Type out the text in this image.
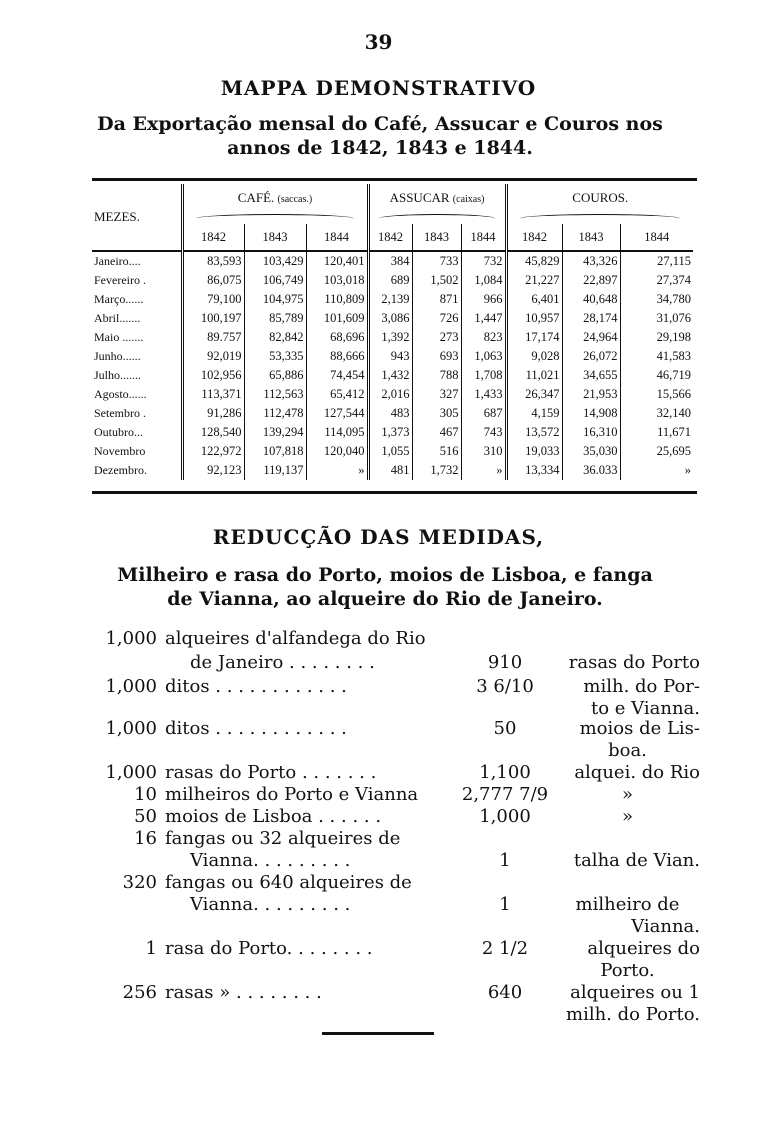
39
MAPPA DEMONSTRATIVO
Da Exportação mensal do Café, Assucar e Couros nos
annos de 1842, 1843 e 1844.
MEZES.	CAFÉ. (saccas.)			ASSUCAR (caixas)			COUROS.		

	1842	1843	1844	1842	1843	1844	1842	1843	1844
Janeiro....	83,593	103,429	120,401	384	733	732	45,829	43,326	27,115
Fevereiro .	86,075	106,749	103,018	689	1,502	1,084	21,227	22,897	27,374
Março......	79,100	104,975	110,809	2,139	871	966	6,401	40,648	34,780
Abril.......	100,197	85,789	101,609	3,086	726	1,447	10,957	28,174	31,076
Maio .......	89.757	82,842	68,696	1,392	273	823	17,174	24,964	29,198
Junho......	92,019	53,335	88,666	943	693	1,063	9,028	26,072	41,583
Julho.......	102,956	65,886	74,454	1,432	788	1,708	11,021	34,655	46,719
Agosto......	113,371	112,563	65,412	2,016	327	1,433	26,347	21,953	15,566
Setembro .	91,286	112,478	127,544	483	305	687	4,159	14,908	32,140
Outubro...	128,540	139,294	114,095	1,373	467	743	13,572	16,310	11,671
Novembro	122,972	107,818	120,040	1,055	516	310	19,033	35,030	25,695
Dezembro.	92,123	119,137	»	481	1,732	»	13,334	36.033	»
REDUCÇÃO DAS MEDIDAS,
Milheiro e rasa do Porto, moios de Lisboa, e fanga
de Vianna, ao alqueire do Rio de Janeiro.
1,000 alqueires d'alfandega do Rio
de Janeiro . . . . . . . .	910	rasas do Porto
1,000 ditos . . . . . . . . . . . .	3 6/10	milh. do Por-
to e Vianna.
1,000 ditos . . . . . . . . . . . .	50	moios de Lis-
boa.
1,000 rasas do Porto . . . . . . .	1,100	alquei. do Rio
10 milheiros do Porto e Vianna	2,777 7/9	»
50 moios de Lisboa . . . . . .	1,000	»
16 fangas ou 32 alqueires de
Vianna. . . . . . . . .	1	talha de Vian.
320 fangas ou 640 alqueires de
Vianna. . . . . . . . .	1	milheiro de
Vianna.
1 rasa do Porto. . . . . . . .	2 1/2	alqueires do
Porto.
256 rasas » . . . . . . . .	640	alqueires ou 1
milh. do Porto.
